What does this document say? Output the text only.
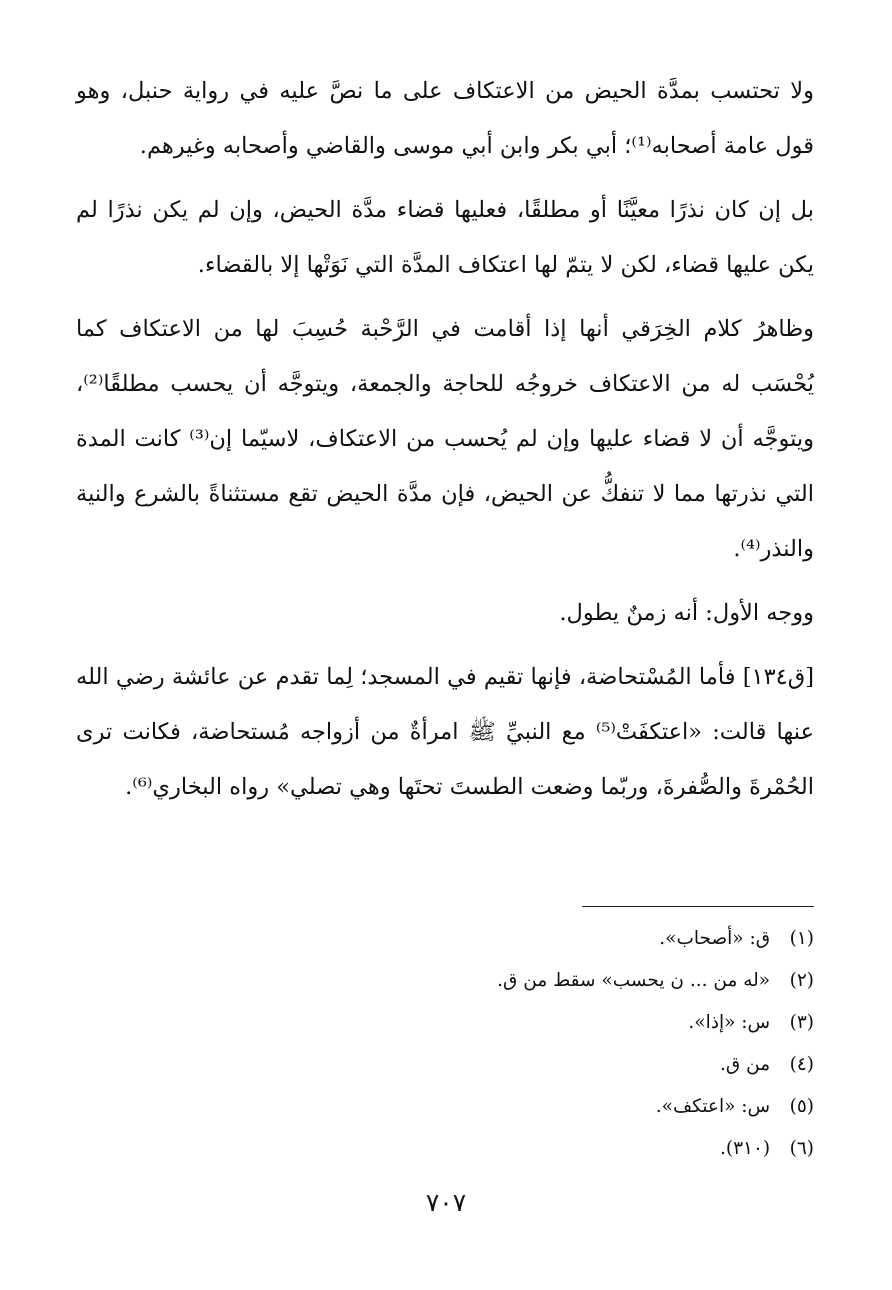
ولا تحتسب بمدَّة الحيض من الاعتكاف على ما نصَّ عليه في رواية حنبل، وهو قول عامة أصحابه⁽¹⁾؛ أبي بكر وابن أبي موسى والقاضي وأصحابه وغيرهم.

بل إن كان نذرًا معيَّنًا أو مطلقًا، فعليها قضاء مدَّة الحيض، وإن لم يكن نذرًا لم يكن عليها قضاء، لكن لا يتمّ لها اعتكاف المدَّة التي نَوَتْها إلا بالقضاء.

وظاهرُ كلام الخِرَقي أنها إذا أقامت في الرَّحْبة حُسِبَ لها من الاعتكاف كما يُحْسَب له من الاعتكاف خروجُه للحاجة والجمعة، ويتوجَّه أن يحسب مطلقًا⁽²⁾، ويتوجَّه أن لا قضاء عليها وإن لم يُحسب من الاعتكاف، لاسيّما إن⁽³⁾ كانت المدة التي نذرتها مما لا تنفكُّ عن الحيض، فإن مدَّة الحيض تقع مستثناةً بالشرع والنية والنذر⁽⁴⁾.

ووجه الأول: أنه زمنٌ يطول.

[ق١٣٤] فأما المُسْتحاضة، فإنها تقيم في المسجد؛ لِما تقدم عن عائشة رضي الله عنها قالت: «اعتكفَتْ⁽⁵⁾ مع النبيِّ ﷺ امرأةٌ من أزواجه مُستحاضة، فكانت ترى الحُمْرةَ والصُّفرةَ، وربّما وضعت الطستَ تحتَها وهي تصلي» رواه البخاري⁽⁶⁾.

(١) ق: «أصحاب».
(٢) «له من ... ن يحسب» سقط من ق.
(٣) س: «إذا».
(٤) من ق.
(٥) س: «اعتكف».
(٦) (٣١٠).
٧٠٧
